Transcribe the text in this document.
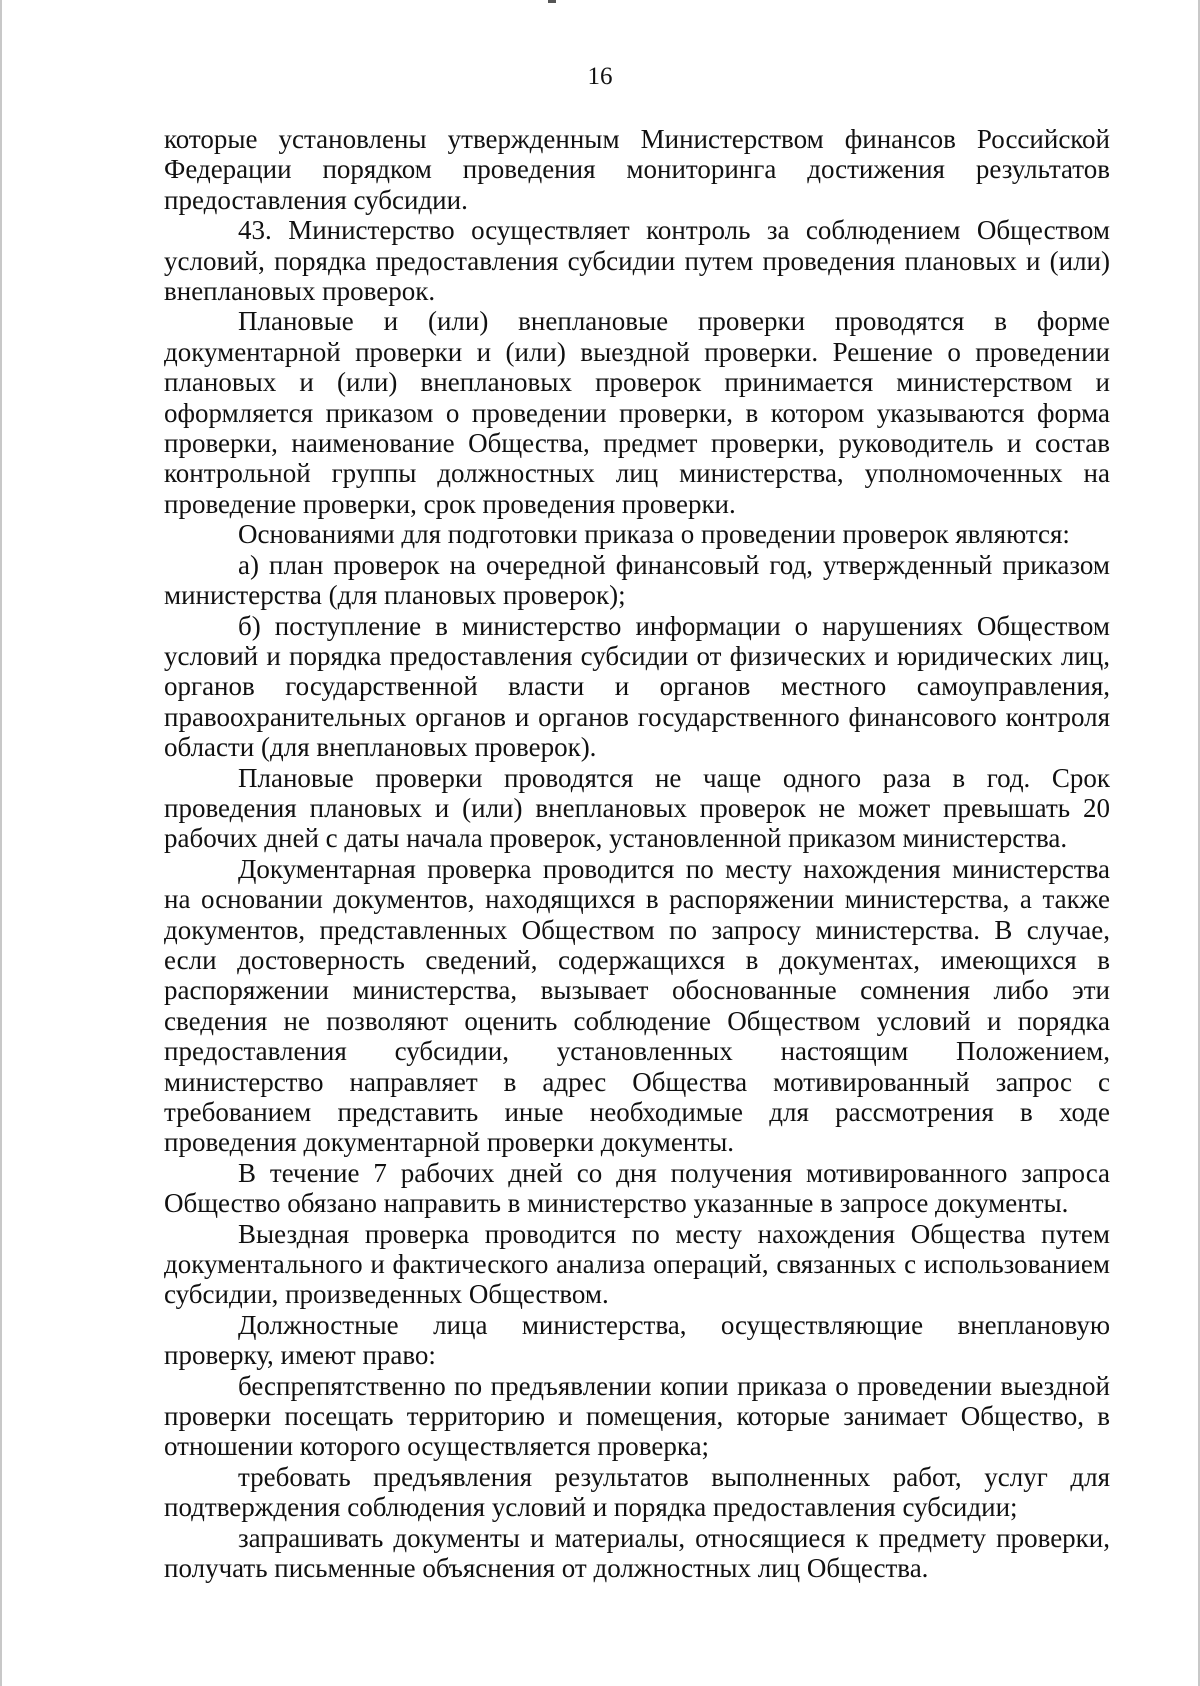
16

которые установлены утвержденным Министерством финансов Российской Федерации порядком проведения мониторинга достижения результатов предоставления субсидии.

43. Министерство осуществляет контроль за соблюдением Обществом условий, порядка предоставления субсидии путем проведения плановых и (или) внеплановых проверок.

Плановые и (или) внеплановые проверки проводятся в форме документарной проверки и (или) выездной проверки. Решение о проведении плановых и (или) внеплановых проверок принимается министерством и оформляется приказом о проведении проверки, в котором указываются форма проверки, наименование Общества, предмет проверки, руководитель и состав контрольной группы должностных лиц министерства, уполномоченных на проведение проверки, срок проведения проверки.

Основаниями для подготовки приказа о проведении проверок являются:

а) план проверок на очередной финансовый год, утвержденный приказом министерства (для плановых проверок);

б) поступление в министерство информации о нарушениях Обществом условий и порядка предоставления субсидии от физических и юридических лиц, органов государственной власти и органов местного самоуправления, правоохранительных органов и органов государственного финансового контроля области (для внеплановых проверок).

Плановые проверки проводятся не чаще одного раза в год. Срок проведения плановых и (или) внеплановых проверок не может превышать 20 рабочих дней с даты начала проверок, установленной приказом министерства.

Документарная проверка проводится по месту нахождения министерства на основании документов, находящихся в распоряжении министерства, а также документов, представленных Обществом по запросу министерства. В случае, если достоверность сведений, содержащихся в документах, имеющихся в распоряжении министерства, вызывает обоснованные сомнения либо эти сведения не позволяют оценить соблюдение Обществом условий и порядка предоставления субсидии, установленных настоящим Положением, министерство направляет в адрес Общества мотивированный запрос с требованием представить иные необходимые для рассмотрения в ходе проведения документарной проверки документы.

В течение 7 рабочих дней со дня получения мотивированного запроса Общество обязано направить в министерство указанные в запросе документы.

Выездная проверка проводится по месту нахождения Общества путем документального и фактического анализа операций, связанных с использованием субсидии, произведенных Обществом.

Должностные лица министерства, осуществляющие внеплановую проверку, имеют право:

беспрепятственно по предъявлении копии приказа о проведении выездной проверки посещать территорию и помещения, которые занимает Общество, в отношении которого осуществляется проверка;

требовать предъявления результатов выполненных работ, услуг для подтверждения соблюдения условий и порядка предоставления субсидии;

запрашивать документы и материалы, относящиеся к предмету проверки, получать письменные объяснения от должностных лиц Общества.
